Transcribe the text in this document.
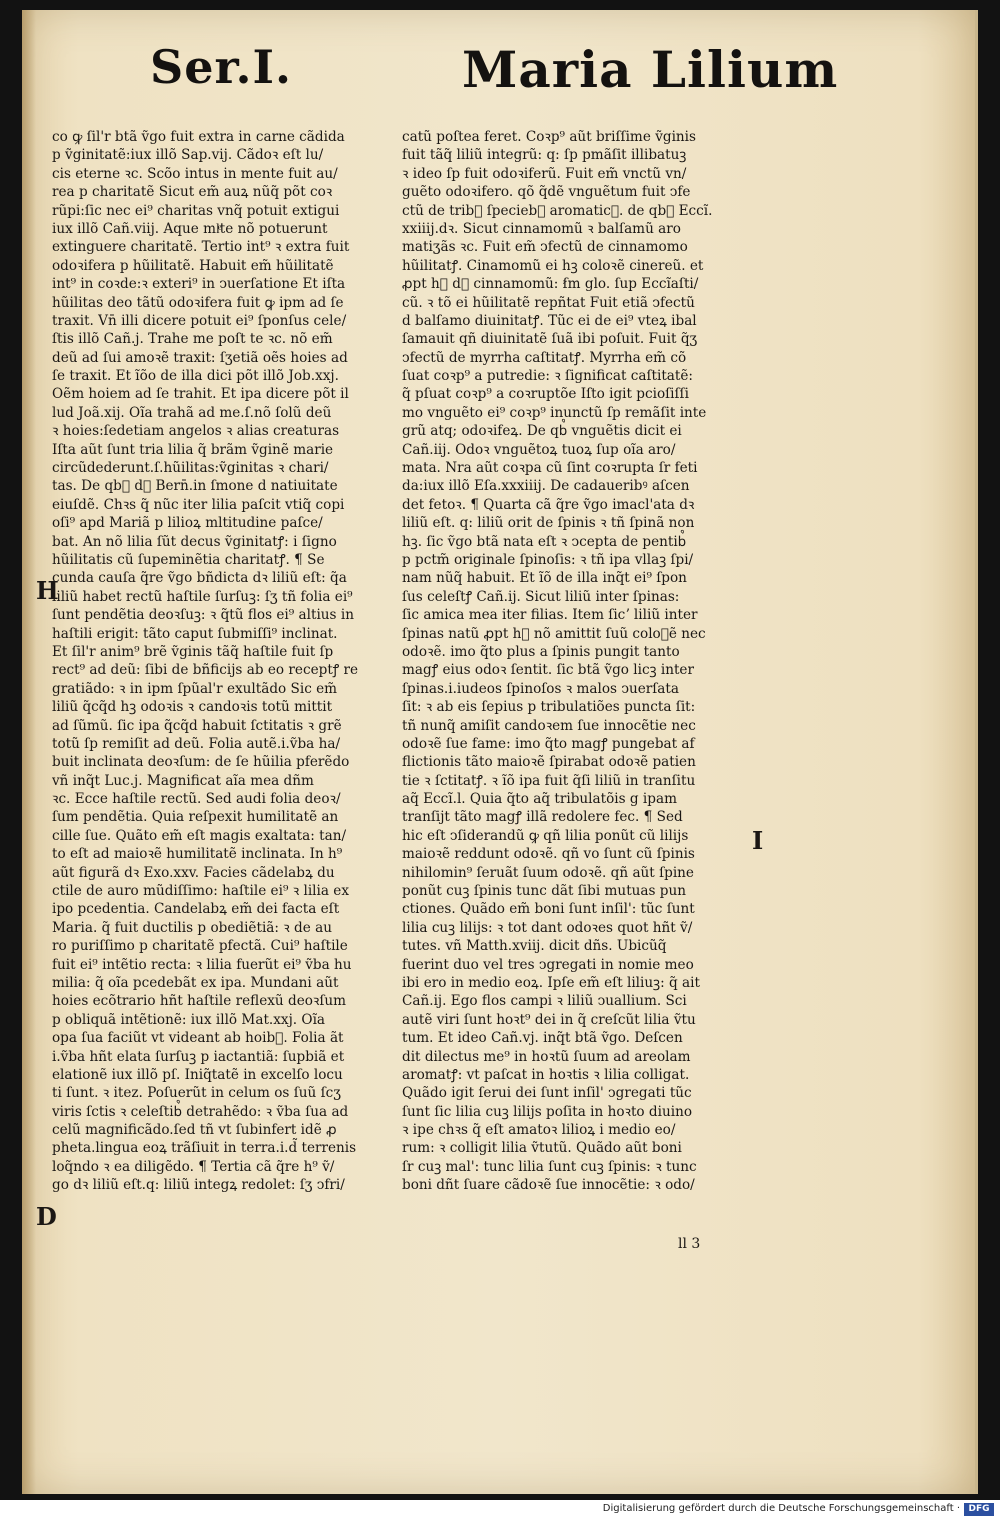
Ser.I.	Maria Lilium
co ꝙ ſil'r btã ṽgo fuit extra in carne cãdida
p ṽginitatẽ:iux illõ Sap.vij. Cãdoꝛ eſt lu/
cis eterne ꝛc. Scõo intus in mente fuit au/
rea p charitatẽ Sicut em̃ auꝝ nũq̃ põt coꝛ
rũpi:ſic nec ei⁹ charitas vnq̃ potuit extigui
iux illõ Cañ.viij. Aque mlͤte nõ potuerunt
extinguere charitatẽ. Tertio int⁹ ꝛ extra fuit
odoꝛifera p hũilitatẽ. Habuit em̃ hũilitatẽ
int⁹ in coꝛde:ꝛ exteri⁹ in ↄuerſatione Et iſta
hũilitas deo tãtũ odoꝛifera fuit ꝙ ipm ad ſe
traxit. Vn̄ illi dicere potuit ei⁹ ſponſus cele/
ſtis illõ Cañ.j. Trahe me poſt te ꝛc. nõ em̃
deũ ad ſui amoꝛẽ traxit: ſʒetiã oẽs hoies ad
ſe traxit. Et ĩõo de illa dici põt illõ Job.xxj.
Oẽm hoiem ad ſe trahit. Et ipa dicere põt il
lud Joã.xij. Oĩa trahã ad me.ſ.nõ ſolũ deũ
ꝛ hoies:ſedetiam angelos ꝛ alias creaturas
Iſta aũt ſunt tria lilia q̃ brãm ṽginẽ marie
circũdederunt.ſ.hũilitas:ṽginitas ꝛ chari/
tas. De qb᷒ dꝛ Bern̄.in ſmone d natiuitate
eiuſdẽ. Chꝛs q̃ nũc iter lilia paſcit vtiq̃ copi
oſi⁹ apd Mariã p lilioꝝ mltitudine paſce/
bat. An nõ lilia ſũt decus ṽginitatꝭ: i ſigno
hũilitatis cũ ſupeminẽtia charitatꝭ. ¶ Se
cunda cauſa q̃re ṽgo bñdicta dꝛ liliũ eſt: q̃a
liliũ habet rectũ haſtile ſurſuꝫ: ſʒ tñ folia ei⁹
ſunt pendẽtia deoꝛſuꝫ: ꝛ q̃tũ flos ei⁹ altius in
haſtili erigit: tãto caput ſubmiſſi⁹ inclinat.
Et ſil'r anim⁹ brẽ ṽginis tãq̃ haſtile fuit ſp
rect⁹ ad deũ: ſibi de bñficijs ab eo receptꝭ re
gratiãdo: ꝛ in ipm ſpũal'r exultãdo Sic em̃
liliũ q̃cq̃d hꝫ odoꝛis ꝛ candoꝛis totũ mittit
ad ſũmũ. ſic ipa q̃cq̃d habuit ſctitatis ꝛ grẽ
totũ ſp remiſit ad deũ. Folia autẽ.i.ṽba ha/
buit inclinata deoꝛſum: de ſe hũilia pferẽdo
vñ inq̃t Luc.j. Magnificat aĩa mea dñm
ꝛc. Ecce haſtile rectũ. Sed audi folia deoꝛ/
ſum pendẽtia. Quia reſpexit humilitatẽ an
cille ſue. Quãto em̃ eſt magis exaltata: tan/
to eſt ad maioꝛẽ humilitatẽ inclinata. In h⁹
aũt figurã dꝛ Exo.xxv. Facies cãdelabꝝ du
ctile de auro mũdiſſimo: haſtile ei⁹ ꝛ lilia ex
ipo pcedentia. Candelabꝝ em̃ dei facta eſt
Maria. q̃ fuit ductilis p obediẽtiã: ꝛ de au
ro puriſſimo p charitatẽ pfectã. Cui⁹ haſtile
fuit ei⁹ intẽtio recta: ꝛ lilia fuerũt ei⁹ ṽba hu
milia: q̃ oĩa pcedebãt ex ipa. Mundani aũt
hoies ecõtrario hñt haſtile reflexũ deoꝛſum
p obliquã intẽtionẽ: iux illõ Mat.xxj. Oĩa
opa ſua faciũt vt videant ab hoib᷒. Folia ãt
i.ṽba hñt elata ſurſuꝫ p iactantiã: ſupbiã et
elationẽ iux illõ pſ. Iniq̃tatẽ in excelſo locu
ti ſunt. ꝛ itez. Poſuerũt in celum os ſuũ ſcʒ
viris ſctis ꝛ celeſtib᷒ detrahẽdo: ꝛ ṽba ſua ad
celũ magnificãdo.ſed tñ vt ſubinfert idẽ ꝓ
pheta.lingua eoꝝ trãſiuit in terra.i.d̃ terrenis
loq̃ndo ꝛ ea diligẽdo. ¶ Tertia cã q̃re h⁹ ṽ/
go dꝛ liliũ eſt.q: liliũ integꝝ redolet: ſʒ ↄfri/
catũ poſtea feret. Coꝛp⁹ aũt briſſime ṽginis
fuit tãq̃ liliũ integrũ: q: ſp pmãſit illibatuꝫ
ꝛ ideo ſp fuit odoꝛiferũ. Fuit em̃ vnctũ vn/
guẽto odoꝛifero. qõ q̃dẽ vnguẽtum fuit ↄfe
ctũ de trib᷒ ſpecieb᷒ aromaticꝭ. de qb᷒ Eccĩ.
xxiiij.dꝛ. Sicut cinnamomũ ꝛ balſamũ aro
matiʒãs ꝛc. Fuit em̃ ↄfectũ de cinnamomo
hũilitatꝭ. Cinamomũ ei hꝫ coloꝛẽ cinereũ. et
ꝓpt h᷑ dꝛ cinnamomũ: ẜm glo. ſup Eccĩaſti/
cũ. ꝛ tõ ei hũilitatẽ repñtat Fuit etiã ↄfectũ
d balſamo diuinitatꝭ. Tũc ei de ei⁹ vteꝝ ibal
ſamauit qñ diuinitatẽ ſuã ibi poſuit. Fuit q̃ʒ
ↄfectũ de myrrha caſtitatꝭ. Myrrha em̃ cõ
ſuat coꝛp⁹ a putredie: ꝛ ſignificat caſtitatẽ:
q̃ pſuat coꝛp⁹ a coꝛruptõe Iſto igit pcioſiſſi
mo vnguẽto ei⁹ coꝛp⁹ inunctũ ſp remãſit inte
grũ atq; odoꝛifeꝝ. De qb᷒ vnguẽtis dicit ei
Cañ.iij. Odoꝛ vnguẽtoꝝ tuoꝝ ſup oĩa aro/
mata. Nra aũt coꝛpa cũ ſint coꝛrupta ſr feti
da:iux illõ Eſa.xxxiiij. De cadaueribꝰ aſcen
det fetoꝛ. ¶ Quarta cã q̃re ṽgo imacl'ata dꝛ
liliũ eſt. q: liliũ orit de ſpinis ꝛ tñ ſpinã non
hꝫ. ſic ṽgo btã nata eſt ꝛ ↄcepta de pentib᷒
p pctm̃ originale ſpinoſis: ꝛ tñ ipa vllaꝫ ſpi/
nam nũq̃ habuit. Et ĩõ de illa inq̃t ei⁹ ſpon
ſus celeſtꝭ Cañ.ij. Sicut liliũ inter ſpinas:
ſic amica mea iter filias. Item ſicʼ liliũ inter
ſpinas natũ ꝓpt h᷑ nõ amittit ſuũ coloꝛẽ nec
odoꝛẽ. imo q̃to plus a ſpinis pungit tanto
magꝭ eius odoꝛ ſentit. ſic btã ṽgo licꝫ inter
ſpinas.i.iudeos ſpinoſos ꝛ malos ↄuerſata
ſit: ꝛ ab eis ſepius p tribulatiões puncta ſit:
tñ nunq̃ amiſit candoꝛem ſue innocẽtie nec
odoꝛẽ ſue fame: imo q̃to magꝭ pungebat af
flictionis tãto maioꝛẽ ſpirabat odoꝛẽ patien
tie ꝛ ſctitatꝭ. ꝛ ĩõ ipa fuit q̃ſi liliũ in tranſitu
aq̃ Eccĩ.l. Quia q̃to aq̃ tribulatõis g ipam
tranſijt tãto magꝭ illã redolere fec. ¶ Sed
hic eſt ↄſiderandũ ꝙ qñ lilia ponũt cũ lilijs
maioꝛẽ reddunt odoꝛẽ. qñ vo ſunt cũ ſpinis
nihilomin⁹ ſeruãt ſuum odoꝛẽ. qñ aũt ſpine
ponũt cuꝫ ſpinis tunc dãt ſibi mutuas pun
ctiones. Quãdo em̃ boni ſunt inſil': tũc ſunt
lilia cuꝫ lilijs: ꝛ tot dant odoꝛes quot hñt ṽ/
tutes. vñ Matth.xviij. dicit dñs. Ubicũq̃
fuerint duo vel tres ↄgregati in nomie meo
ibi ero in medio eoꝝ. Ipſe em̃ eſt liliuꝫ: q̃ ait
Cañ.ij. Ego flos campi ꝛ liliũ ↄuallium. Sci
autẽ viri ſunt hoꝛt⁹ dei in q̃ creſcũt lilia ṽtu
tum. Et ideo Cañ.vj. inq̃t btã ṽgo. Deſcen
dit dilectus me⁹ in hoꝛtũ ſuum ad areolam
aromatꝭ: vt paſcat in hoꝛtis ꝛ lilia colligat.
Quãdo igit ſerui dei ſunt inſil' ↄgregati tũc
ſunt ſic lilia cuꝫ lilijs poſita in hoꝛto diuino
ꝛ ipe chꝛs q̃ eſt amatoꝛ lilioꝝ i medio eo/
rum: ꝛ colligit lilia ṽtutũ. Quãdo aũt boni
ſr cuꝫ mal': tunc lilia ſunt cuꝫ ſpinis: ꝛ tunc
boni dñt ſuare cãdoꝛẽ ſue innocẽtie: ꝛ odo/
H
D
I
ll 3
Digitalisierung gefördert durch die Deutsche Forschungsgemeinschaft · DFG
